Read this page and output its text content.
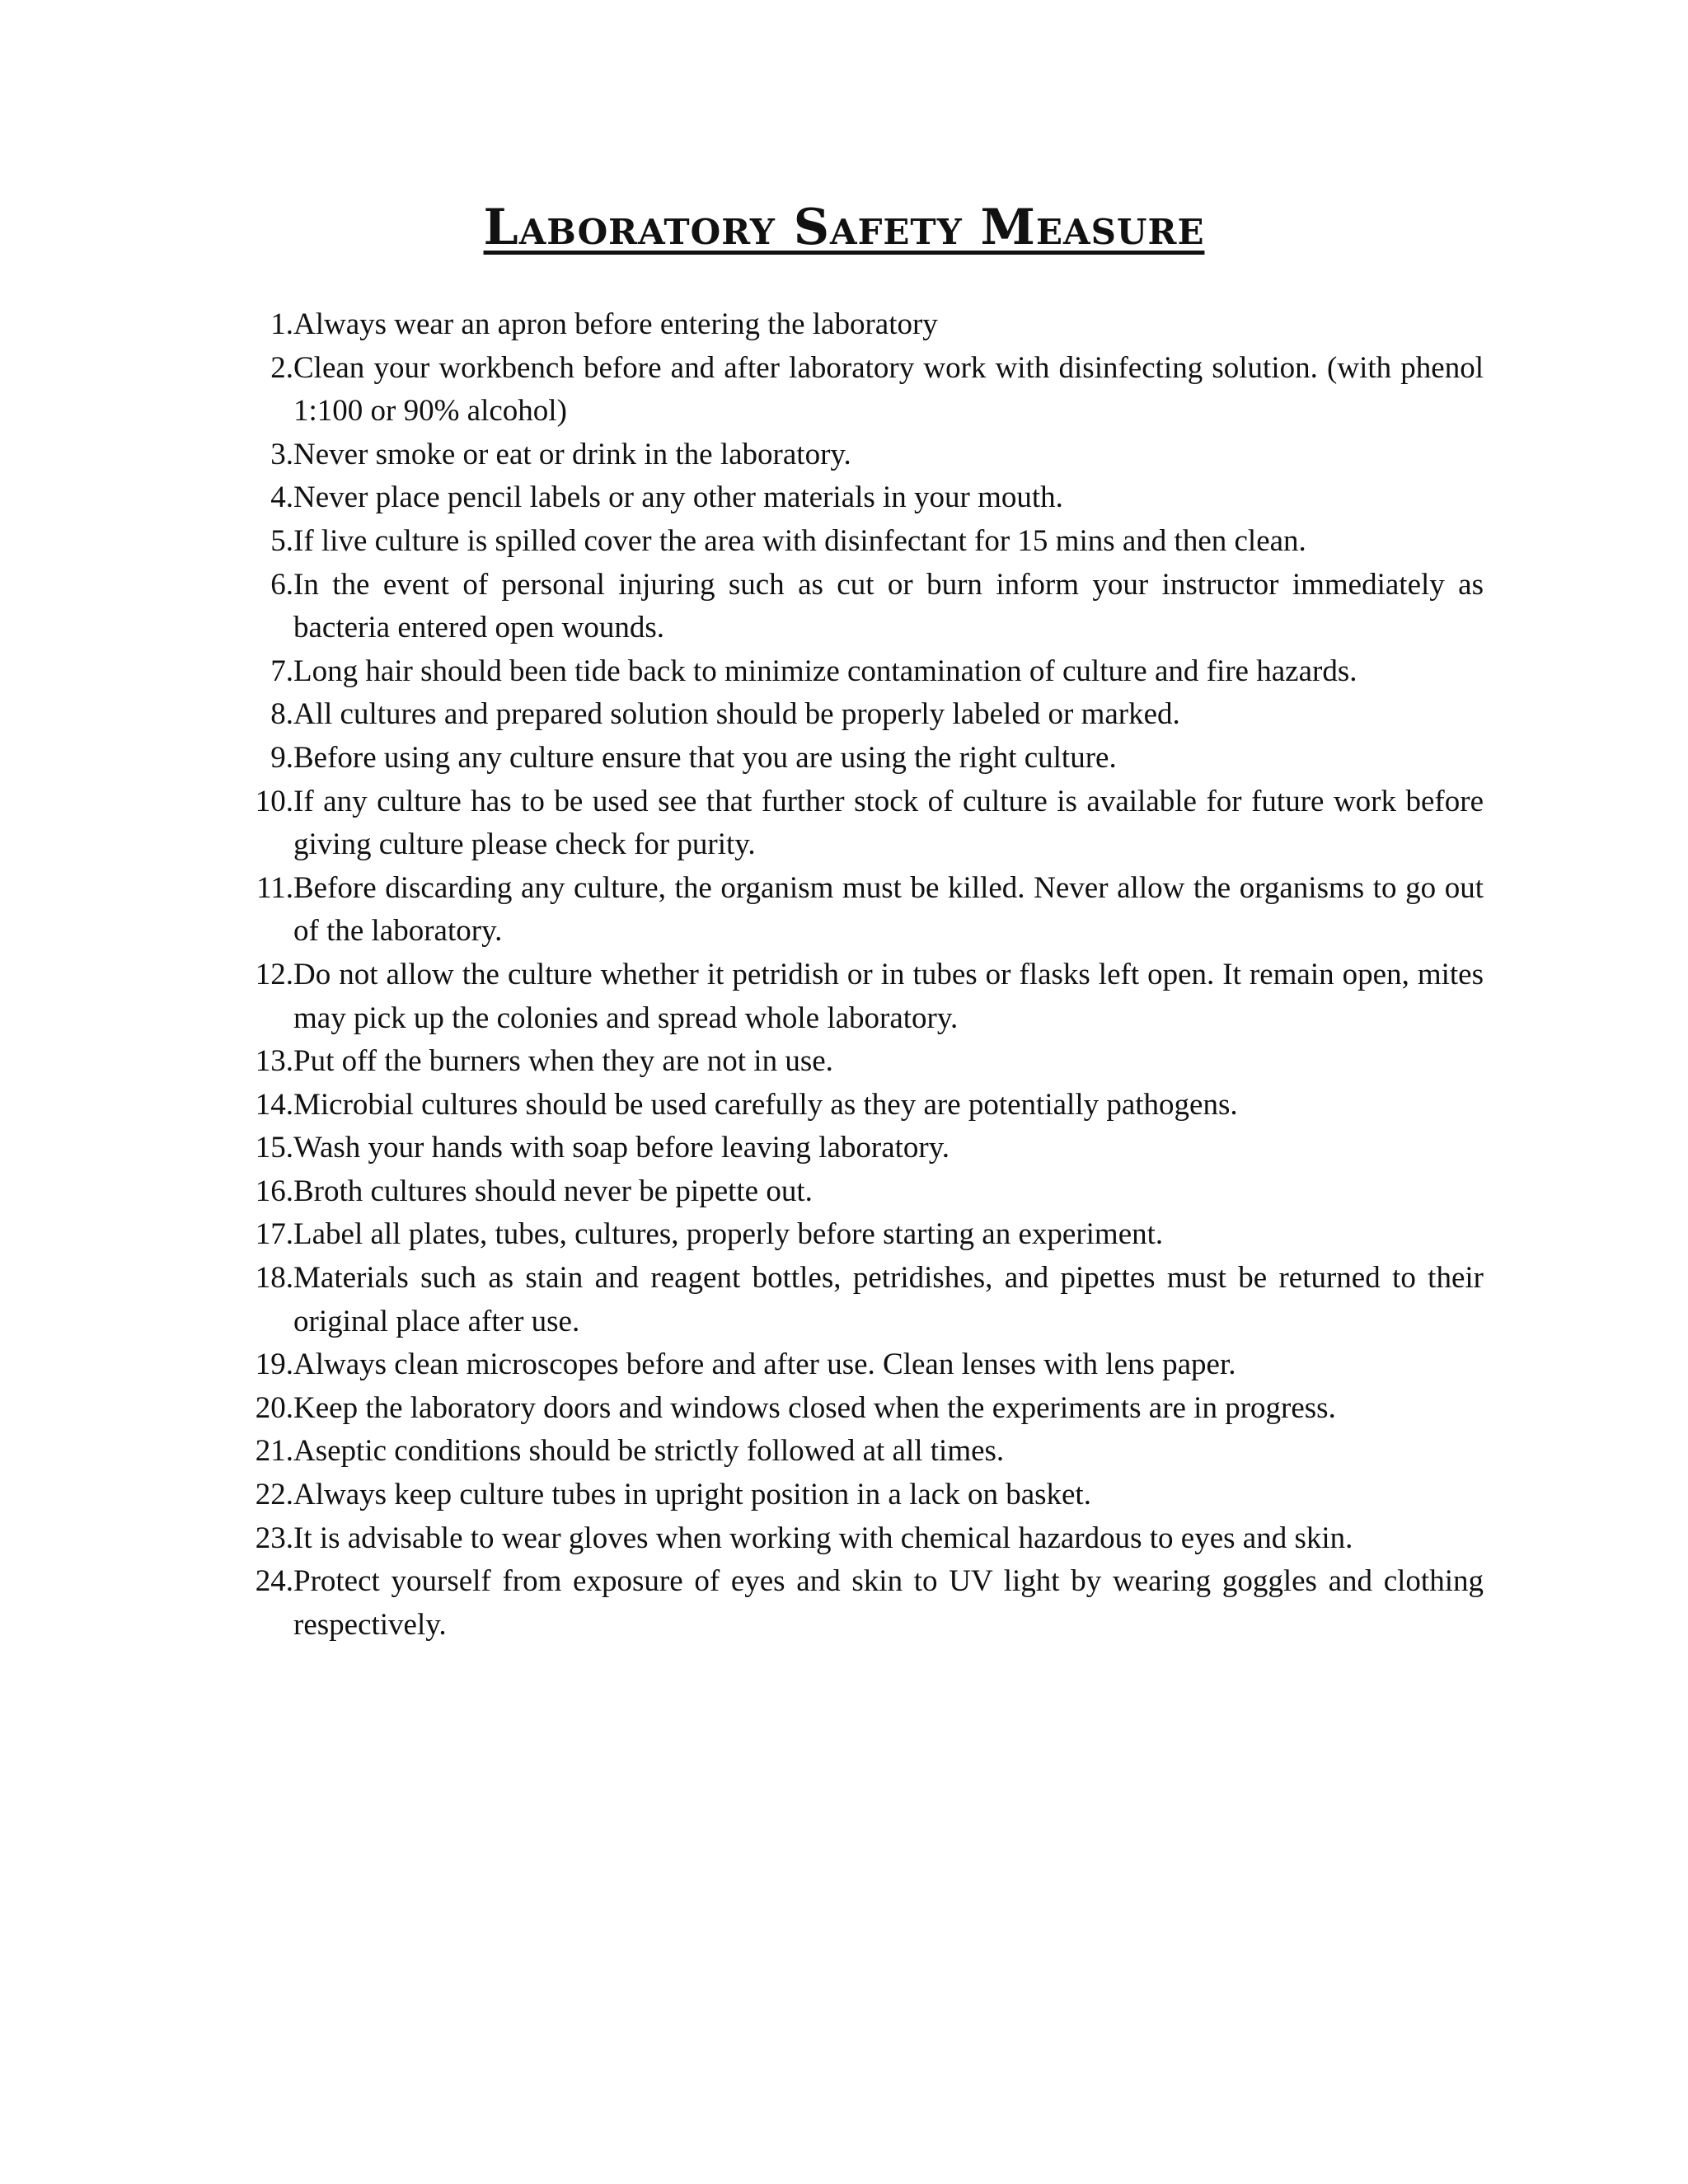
Laboratory Safety Measure
1. Always wear an apron before entering the laboratory
2. Clean your workbench before and after laboratory work with disinfecting solution. (with phenol 1:100 or 90% alcohol)
3. Never smoke or eat or drink in the laboratory.
4. Never place pencil labels or any other materials in your mouth.
5. If live culture is spilled cover the area with disinfectant for 15 mins and then clean.
6. In the event of personal injuring such as cut or burn inform your instructor immediately as bacteria entered open wounds.
7. Long hair should been tide back to minimize contamination of culture and fire hazards.
8. All cultures and prepared solution should be properly labeled or marked.
9. Before using any culture ensure that you are using the right culture.
10. If any culture has to be used see that further stock of culture is available for future work before giving culture please check for purity.
11. Before discarding any culture, the organism must be killed. Never allow the organisms to go out of the laboratory.
12. Do not allow the culture whether it petridish or in tubes or flasks left open. It remain open, mites may pick up the colonies and spread whole laboratory.
13. Put off the burners when they are not in use.
14. Microbial cultures should be used carefully as they are potentially pathogens.
15. Wash your hands with soap before leaving laboratory.
16. Broth cultures should never be pipette out.
17. Label all plates, tubes, cultures, properly before starting an experiment.
18. Materials such as stain and reagent bottles, petridishes, and pipettes must be returned to their original place after use.
19. Always clean microscopes before and after use. Clean lenses with lens paper.
20. Keep the laboratory doors and windows closed when the experiments are in progress.
21. Aseptic conditions should be strictly followed at all times.
22. Always keep culture tubes in upright position in a lack on basket.
23. It is advisable to wear gloves when working with chemical hazardous to eyes and skin.
24. Protect yourself from exposure of eyes and skin to UV light by wearing goggles and clothing respectively.
